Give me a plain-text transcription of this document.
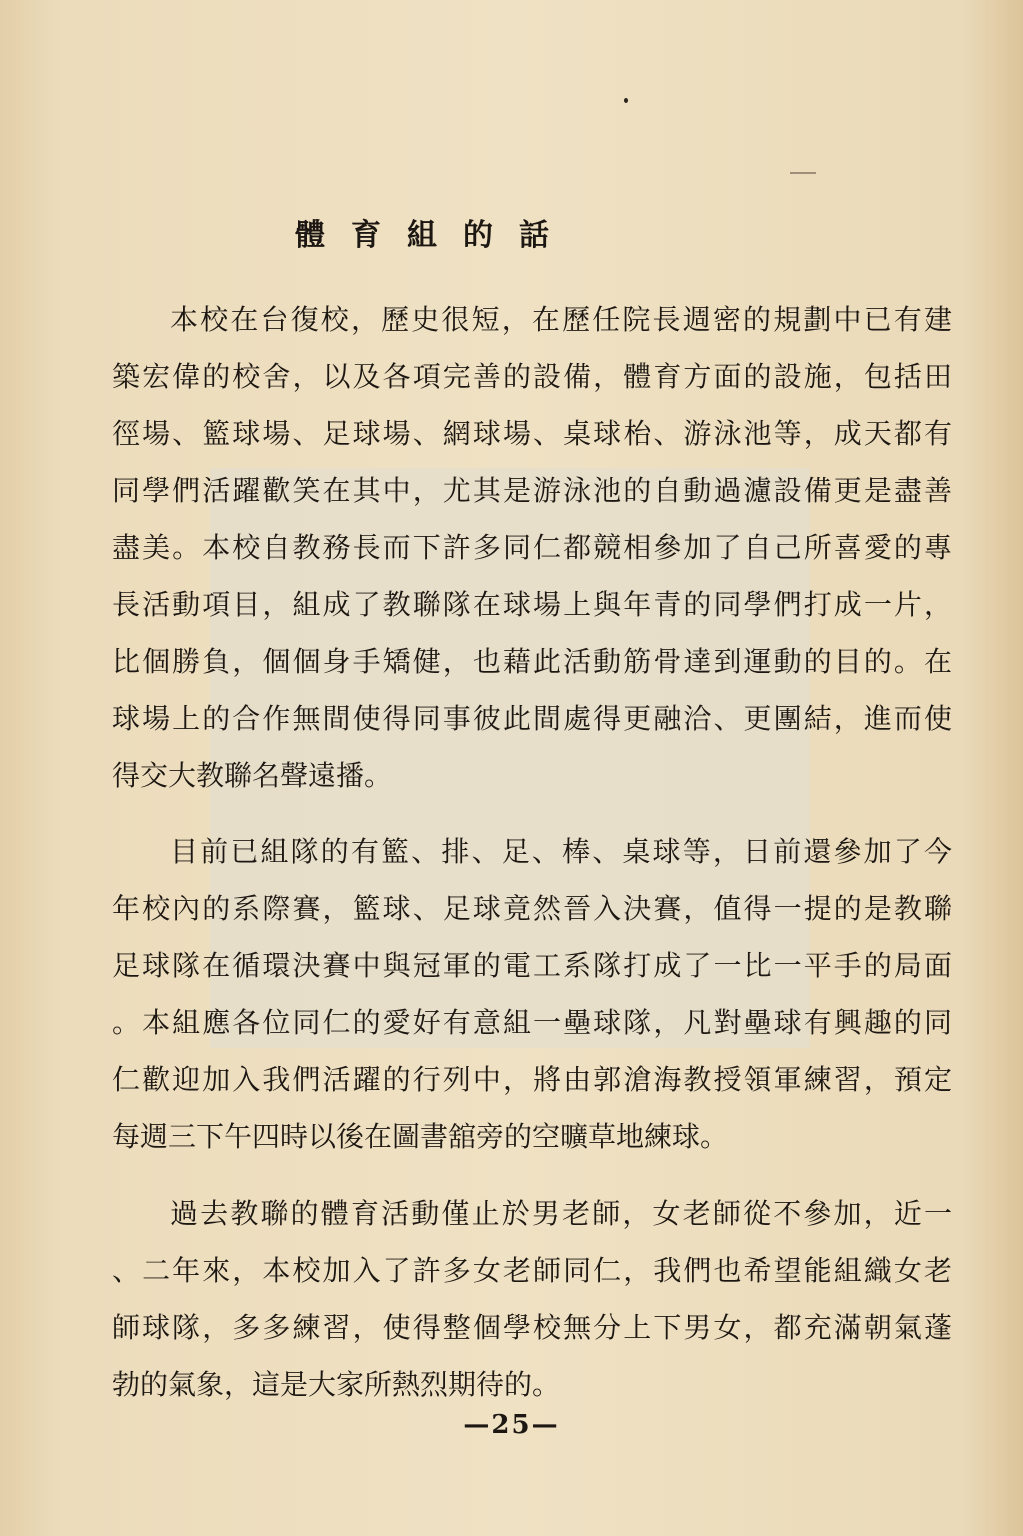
體育組的話
本校在台復校，歷史很短，在歷任院長週密的規劃中已有建
築宏偉的校舍，以及各項完善的設備，體育方面的設施，包括田
徑場、籃球場、足球場、網球場、桌球枱、游泳池等，成天都有
同學們活躍歡笑在其中，尤其是游泳池的自動過濾設備更是盡善
盡美。本校自教務長而下許多同仁都競相參加了自己所喜愛的專
長活動項目，組成了教聯隊在球場上與年青的同學們打成一片，
比個勝負，個個身手矯健，也藉此活動筋骨達到運動的目的。在
球場上的合作無間使得同事彼此間處得更融洽、更團結，進而使
得交大教聯名聲遠播。
目前已組隊的有籃、排、足、棒、桌球等，日前還參加了今
年校內的系際賽，籃球、足球竟然晉入決賽，值得一提的是教聯
足球隊在循環決賽中與冠軍的電工系隊打成了一比一平手的局面
。本組應各位同仁的愛好有意組一壘球隊，凡對壘球有興趣的同
仁歡迎加入我們活躍的行列中，將由郭滄海教授領軍練習，預定
每週三下午四時以後在圖書舘旁的空曠草地練球。
過去教聯的體育活動僅止於男老師，女老師從不參加，近一
、二年來，本校加入了許多女老師同仁，我們也希望能組織女老
師球隊，多多練習，使得整個學校無分上下男女，都充滿朝氣蓬
勃的氣象，這是大家所熱烈期待的。
—25—
